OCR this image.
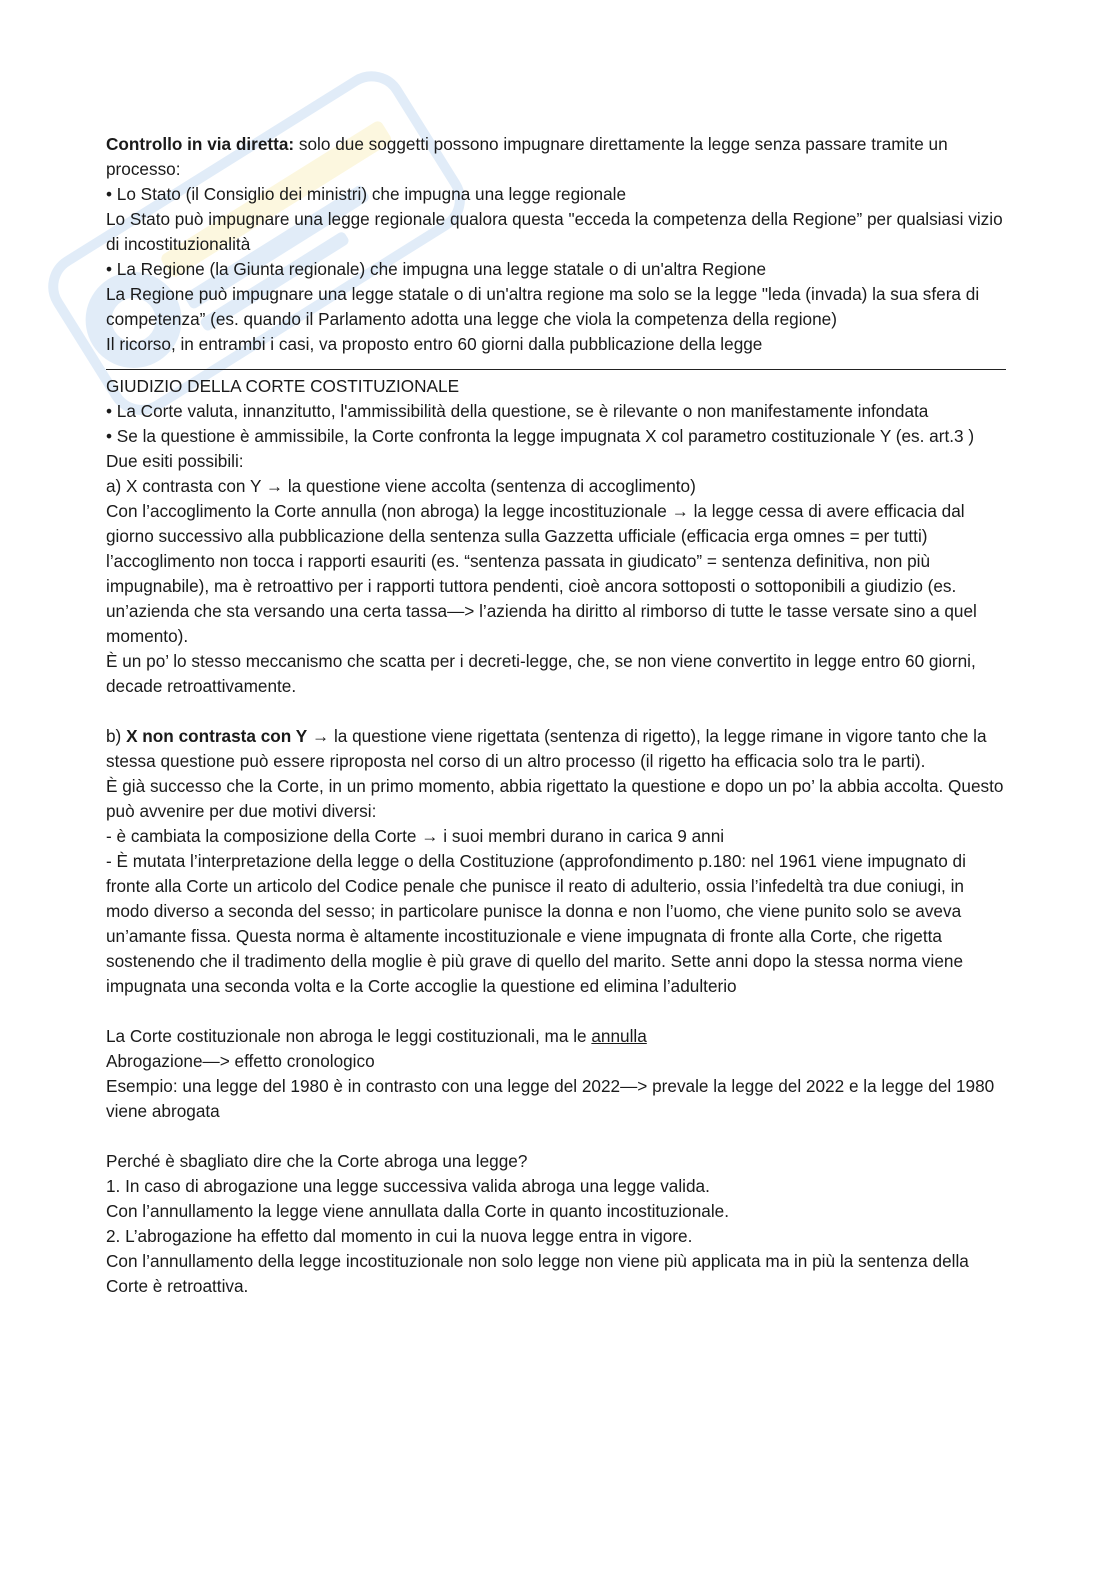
Controllo in via diretta: solo due soggetti possono impugnare direttamente la legge senza passare tramite un processo:

• Lo Stato (il Consiglio dei ministri) che impugna una legge regionale

Lo Stato può impugnare una legge regionale qualora questa "ecceda la competenza della Regione” per qualsiasi vizio di incostituzionalità

• La Regione (la Giunta regionale) che impugna una legge statale o di un'altra Regione

La Regione può impugnare una legge statale o di un'altra regione ma solo se la legge "leda (invada) la sua sfera di competenza” (es. quando il Parlamento adotta una legge che viola la competenza della regione)

Il ricorso, in entrambi i casi, va proposto entro 60 giorni dalla pubblicazione della legge

GIUDIZIO DELLA CORTE COSTITUZIONALE

• La Corte valuta, innanzitutto, l'ammissibilità della questione, se è rilevante o non manifestamente infondata

• Se la questione è ammissibile, la Corte confronta la legge impugnata X col parametro costituzionale Y (es. art.3 )

Due esiti possibili:

a) X contrasta con Y → la questione viene accolta (sentenza di accoglimento)

Con l’accoglimento la Corte annulla (non abroga) la legge incostituzionale → la legge cessa di avere efficacia dal giorno successivo alla pubblicazione della sentenza sulla Gazzetta ufficiale (efficacia erga omnes = per tutti)

l’accoglimento non tocca i rapporti esauriti (es. “sentenza passata in giudicato” = sentenza definitiva, non più impugnabile), ma è retroattivo per i rapporti tuttora pendenti, cioè ancora sottoposti o sottoponibili a giudizio (es. un’azienda che sta versando una certa tassa—> l’azienda ha diritto al rimborso di tutte le tasse versate sino a quel momento).

È un po’ lo stesso meccanismo che scatta per i decreti-legge, che, se non viene convertito in legge entro 60 giorni, decade retroattivamente.

b) X non contrasta con Y → la questione viene rigettata (sentenza di rigetto), la legge rimane in vigore tanto che la stessa questione può essere riproposta nel corso di un altro processo (il rigetto ha efficacia solo tra le parti).

È già successo che la Corte, in un primo momento, abbia rigettato la questione e dopo un po’ la abbia accolta. Questo può avvenire per due motivi diversi:

- è cambiata la composizione della Corte → i suoi membri durano in carica 9 anni

- È mutata l’interpretazione della legge o della Costituzione (approfondimento p.180: nel 1961 viene impugnato di fronte alla Corte un articolo del Codice penale che punisce il reato di adulterio, ossia l’infedeltà tra due coniugi, in modo diverso a seconda del sesso; in particolare punisce la donna e non l’uomo, che viene punito solo se aveva un’amante fissa. Questa norma è altamente incostituzionale e viene impugnata di fronte alla Corte, che rigetta sostenendo che il tradimento della moglie è più grave di quello del marito. Sette anni dopo la stessa norma viene impugnata una seconda volta e la Corte accoglie la questione ed elimina l’adulterio

La Corte costituzionale non abroga le leggi costituzionali, ma le annulla

Abrogazione—> effetto cronologico

Esempio: una legge del 1980 è in contrasto con una legge del 2022—> prevale la legge del 2022 e la legge del 1980 viene abrogata

Perché è sbagliato dire che la Corte abroga una legge?

1. In caso di abrogazione una legge successiva valida abroga una legge valida.

Con l’annullamento la legge viene annullata dalla Corte in quanto incostituzionale.

2. L’abrogazione ha effetto dal momento in cui la nuova legge entra in vigore.

Con l’annullamento della legge incostituzionale non solo legge non viene più applicata ma in più la sentenza della Corte è retroattiva.
